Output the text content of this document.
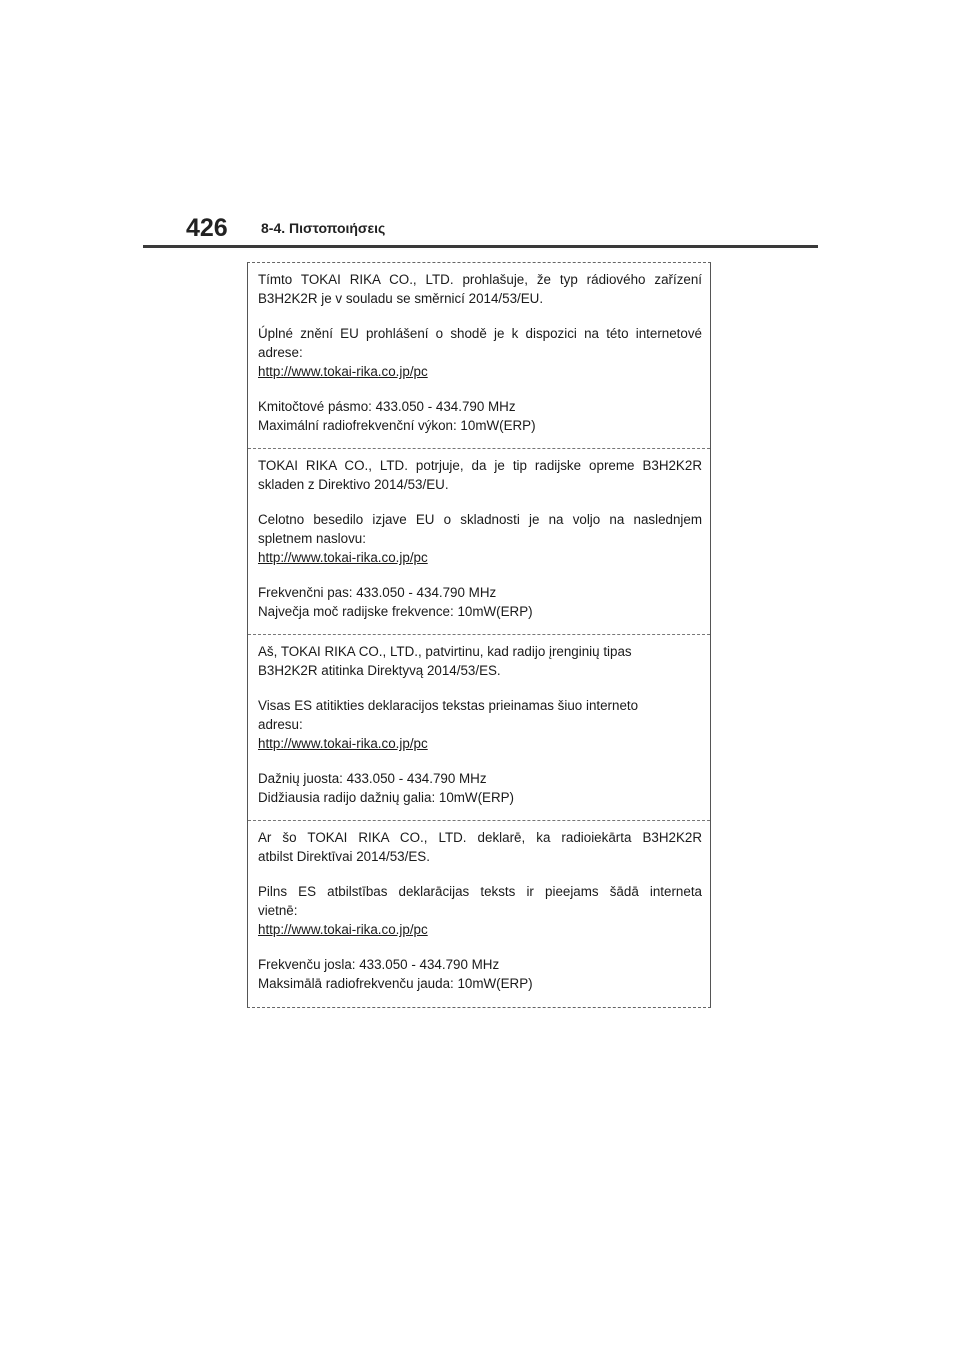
426 8-4. Πιστοποιήσεις

Tímto TOKAI RIKA CO., LTD. prohlašuje, že typ rádiového zařízení

B3H2K2R je v souladu se směrnicí 2014/53/EU.

Úplné znění EU prohlášení o shodě je k dispozici na této internetové

adrese:

http://www.tokai-rika.co.jp/pc

Kmitočtové pásmo: 433.050 - 434.790 MHz

Maximální radiofrekvenční výkon: 10mW(ERP)

TOKAI RIKA CO., LTD. potrjuje, da je tip radijske opreme B3H2K2R

skladen z Direktivo 2014/53/EU.

Celotno besedilo izjave EU o skladnosti je na voljo na naslednjem

spletnem naslovu:

http://www.tokai-rika.co.jp/pc

Frekvenčni pas: 433.050 - 434.790 MHz

Največja moč radijske frekvence: 10mW(ERP)

Aš, TOKAI RIKA CO., LTD., patvirtinu, kad radijo įrenginių tipas

B3H2K2R atitinka Direktyvą 2014/53/ES.

Visas ES atitikties deklaracijos tekstas prieinamas šiuo interneto

adresu:

http://www.tokai-rika.co.jp/pc

Dažnių juosta: 433.050 - 434.790 MHz

Didžiausia radijo dažnių galia: 10mW(ERP)

Ar šo TOKAI RIKA CO., LTD. deklarē, ka radioiekārta B3H2K2R

atbilst Direktīvai 2014/53/ES.

Pilns ES atbilstības deklarācijas teksts ir pieejams šādā interneta

vietnē:

http://www.tokai-rika.co.jp/pc

Frekvenču josla: 433.050 - 434.790 MHz

Maksimālā radiofrekvenču jauda: 10mW(ERP)
